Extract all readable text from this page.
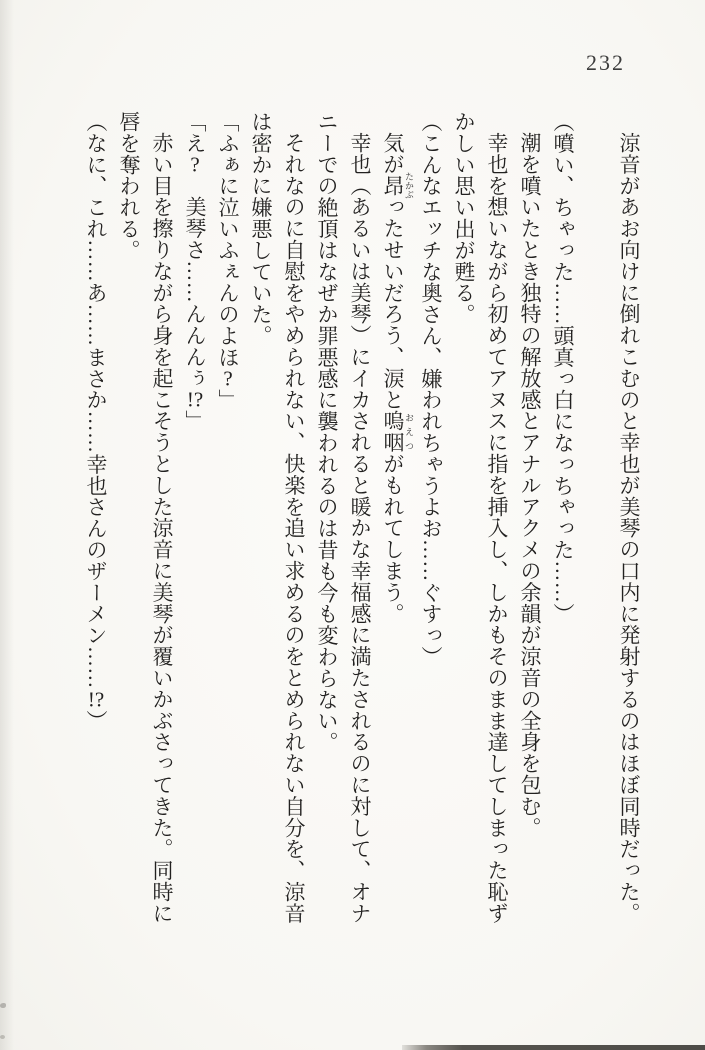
232
涼音があお向けに倒れこむのと幸也が美琴の口内に発射するのはほぼ同時だった。
（噴い、ちゃった……頭真っ白になっちゃった……）
潮を噴いたとき独特の解放感とアナルアクメの余韻が涼音の全身を包む。
幸也を想いながら初めてアヌスに指を挿入し、しかもそのまま達してしまった恥ず
かしい思い出が甦る。
（こんなエッチな奥さん、嫌われちゃうよお……ぐすっ）
気が昂 たかぶったせいだろう、涙と嗚咽 おえつがもれてしまう。
幸也（あるいは美琴）にイカされると暖かな幸福感に満たされるのに対して、オナ
ニーでの絶頂はなぜか罪悪感に襲われるのは昔も今も変わらない。
それなのに自慰をやめられない、快楽を追い求めるのをとめられない自分を、涼音
は密かに嫌悪していた。
「ふぁに泣いふぇんのよほ?」
「え?　美琴さ……んんんぅ!?」
赤い目を擦りながら身を起こそうとした涼音に美琴が覆いかぶさってきた。同時に
唇を奪われる。
（なに、これ……あ……まさか……幸也さんのザーメン……!?）
